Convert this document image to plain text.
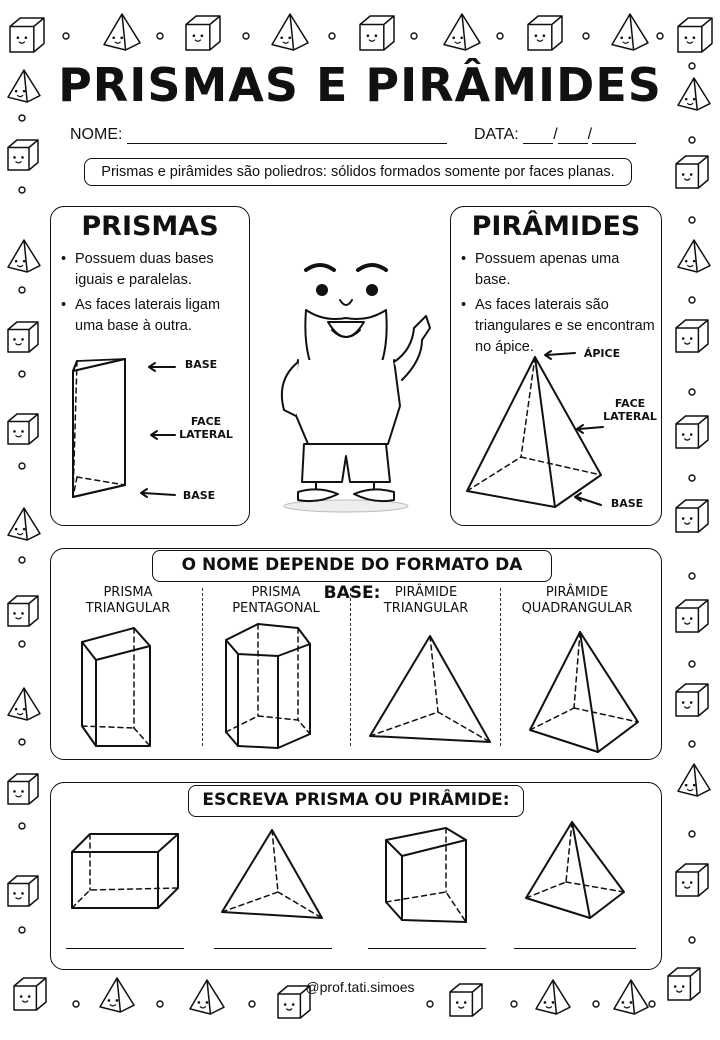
PRISMAS E PIRÂMIDES
NOME:	DATA: / /
Prismas e pirâmides são poliedros: sólidos formados somente por faces planas.
PRISMAS
• Possuem duas bases iguais e paralelas.
• As faces laterais ligam uma base à outra.
BASE
FACE
LATERAL
BASE
PIRÂMIDES
• Possuem apenas uma base.
• As faces laterais são triangulares e se encontram no ápice.	ÁPICE
FACE
LATERAL
BASE
O NOME DEPENDE DO FORMATO DA BASE:
PRISMA
TRIANGULAR
PRISMA
PENTAGONAL
PIRÂMIDE
TRIANGULAR
PIRÂMIDE
QUADRANGULAR
ESCREVA PRISMA OU PIRÂMIDE:
@prof.tati.simoes
